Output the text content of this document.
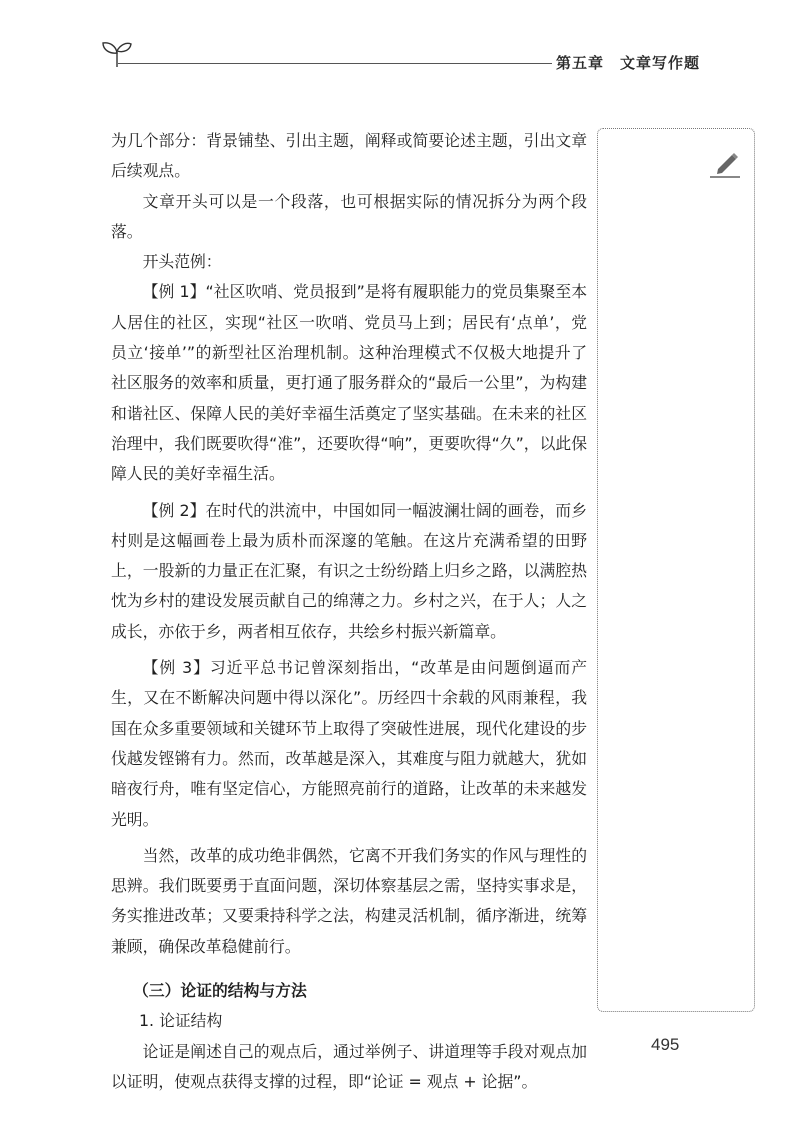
第五章　文章写作题

为几个部分：背景铺垫、引出主题，阐释或简要论述主题，引出文章后续观点。

文章开头可以是一个段落，也可根据实际的情况拆分为两个段落。

开头范例：

【例 1】“社区吹哨、党员报到”是将有履职能力的党员集聚至本人居住的社区，实现“社区一吹哨、党员马上到；居民有‘点单’，党员立‘接单’”的新型社区治理机制。这种治理模式不仅极大地提升了社区服务的效率和质量，更打通了服务群众的“最后一公里”，为构建和谐社区、保障人民的美好幸福生活奠定了坚实基础。在未来的社区治理中，我们既要吹得“准”，还要吹得“响”，更要吹得“久”，以此保障人民的美好幸福生活。

【例 2】在时代的洪流中，中国如同一幅波澜壮阔的画卷，而乡村则是这幅画卷上最为质朴而深邃的笔触。在这片充满希望的田野上，一股新的力量正在汇聚，有识之士纷纷踏上归乡之路，以满腔热忱为乡村的建设发展贡献自己的绵薄之力。乡村之兴，在于人；人之成长，亦依于乡，两者相互依存，共绘乡村振兴新篇章。

【例 3】习近平总书记曾深刻指出，“改革是由问题倒逼而产生，又在不断解决问题中得以深化”。历经四十余载的风雨兼程，我国在众多重要领域和关键环节上取得了突破性进展，现代化建设的步伐越发铿锵有力。然而，改革越是深入，其难度与阻力就越大，犹如暗夜行舟，唯有坚定信心，方能照亮前行的道路，让改革的未来越发光明。

当然，改革的成功绝非偶然，它离不开我们务实的作风与理性的思辨。我们既要勇于直面问题，深切体察基层之需，坚持实事求是，务实推进改革；又要秉持科学之法，构建灵活机制，循序渐进，统筹兼顾，确保改革稳健前行。

（三）论证的结构与方法

1. 论证结构

论证是阐述自己的观点后，通过举例子、讲道理等手段对观点加以证明，使观点获得支撑的过程，即“论证 = 观点 + 论据”。

495
